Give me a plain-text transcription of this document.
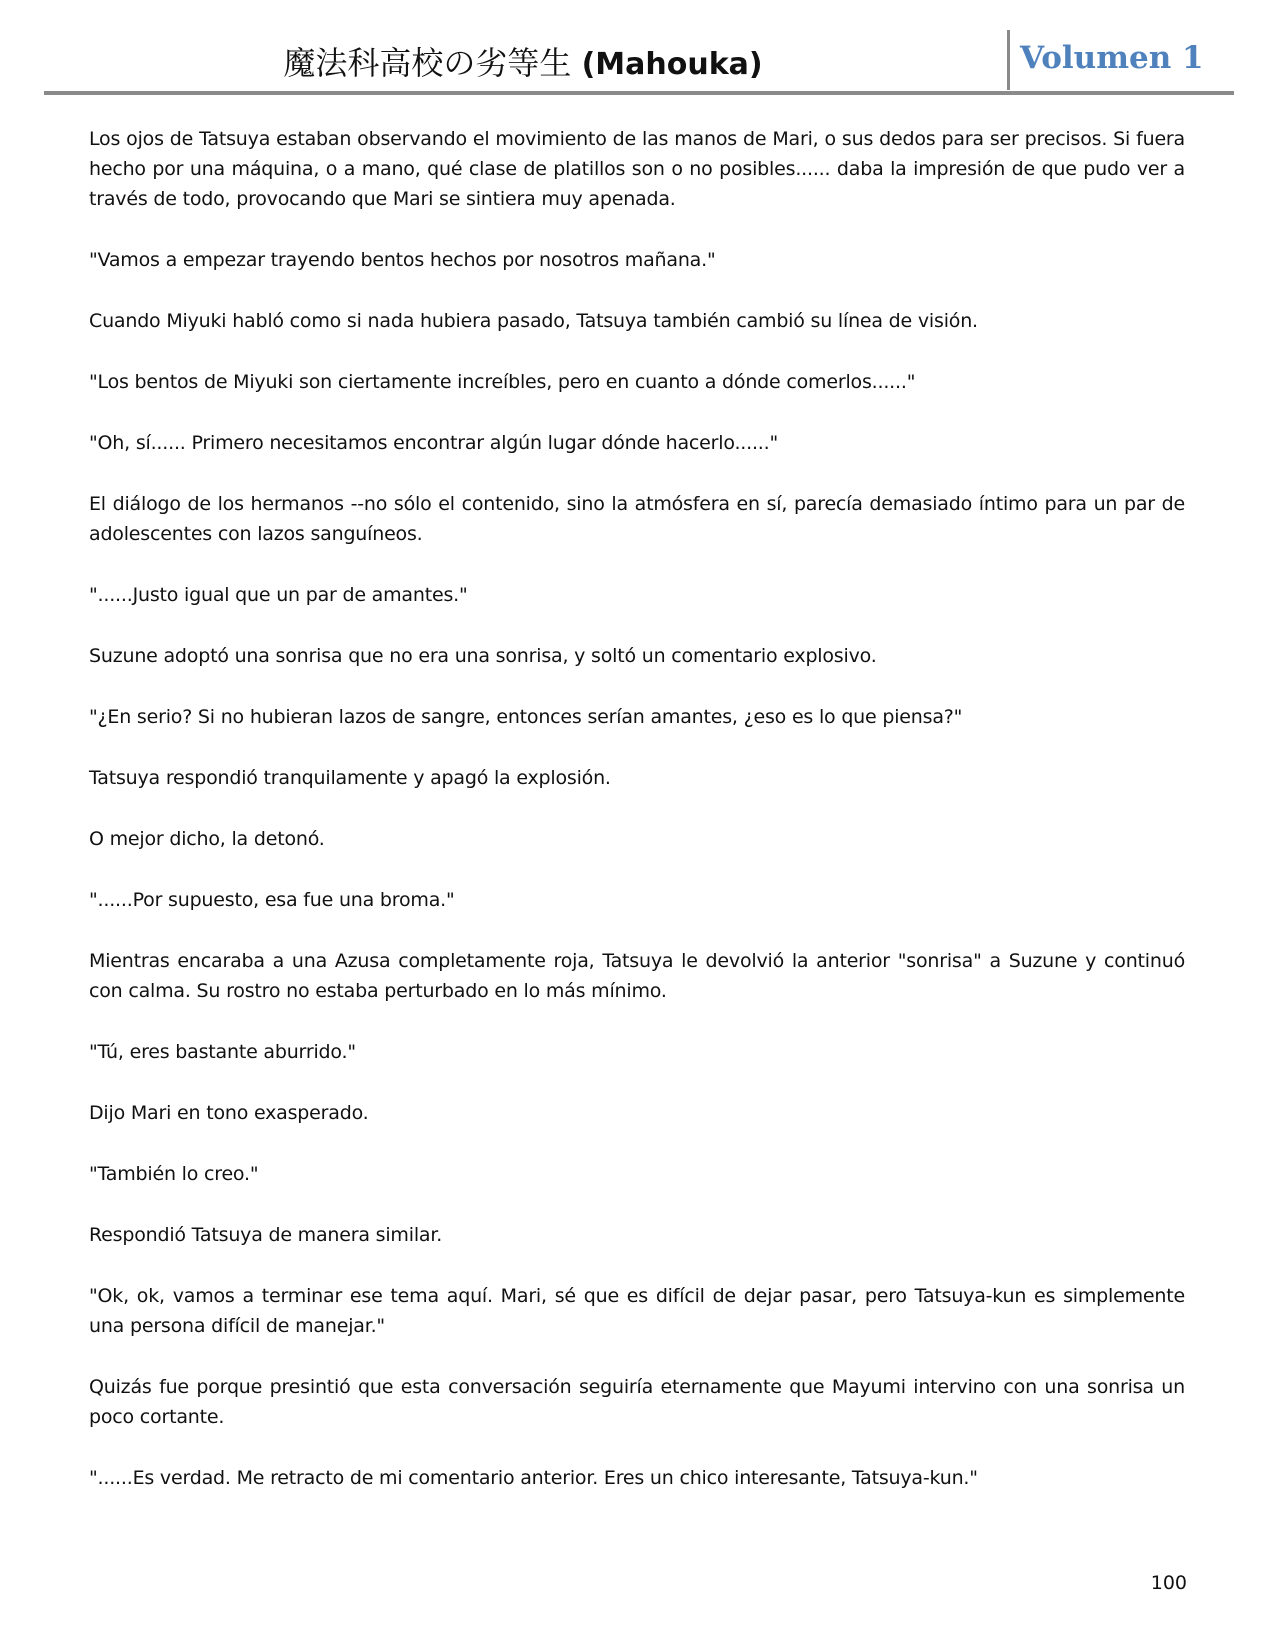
魔法科高校の劣等生 (Mahouka)	Volumen 1

Los ojos de Tatsuya estaban observando el movimiento de las manos de Mari, o sus dedos para ser precisos. Si fuera hecho por una máquina, o a mano, qué clase de platillos son o no posibles...... daba la impresión de que pudo ver a través de todo, provocando que Mari se sintiera muy apenada.

"Vamos a empezar trayendo bentos hechos por nosotros mañana."

Cuando Miyuki habló como si nada hubiera pasado, Tatsuya también cambió su línea de visión.

"Los bentos de Miyuki son ciertamente increíbles, pero en cuanto a dónde comerlos......"

"Oh, sí...... Primero necesitamos encontrar algún lugar dónde hacerlo......"

El diálogo de los hermanos --no sólo el contenido, sino la atmósfera en sí, parecía demasiado íntimo para un par de adolescentes con lazos sanguíneos.

"......Justo igual que un par de amantes."

Suzune adoptó una sonrisa que no era una sonrisa, y soltó un comentario explosivo.

"¿En serio? Si no hubieran lazos de sangre, entonces serían amantes, ¿eso es lo que piensa?"

Tatsuya respondió tranquilamente y apagó la explosión.

O mejor dicho, la detonó.

"......Por supuesto, esa fue una broma."

Mientras encaraba a una Azusa completamente roja, Tatsuya le devolvió la anterior "sonrisa" a Suzune y continuó con calma. Su rostro no estaba perturbado en lo más mínimo.

"Tú, eres bastante aburrido."

Dijo Mari en tono exasperado.

"También lo creo."

Respondió Tatsuya de manera similar.

"Ok, ok, vamos a terminar ese tema aquí. Mari, sé que es difícil de dejar pasar, pero Tatsuya-kun es simplemente una persona difícil de manejar."

Quizás fue porque presintió que esta conversación seguiría eternamente que Mayumi intervino con una sonrisa un poco cortante.

"......Es verdad. Me retracto de mi comentario anterior. Eres un chico interesante, Tatsuya-kun."

100
